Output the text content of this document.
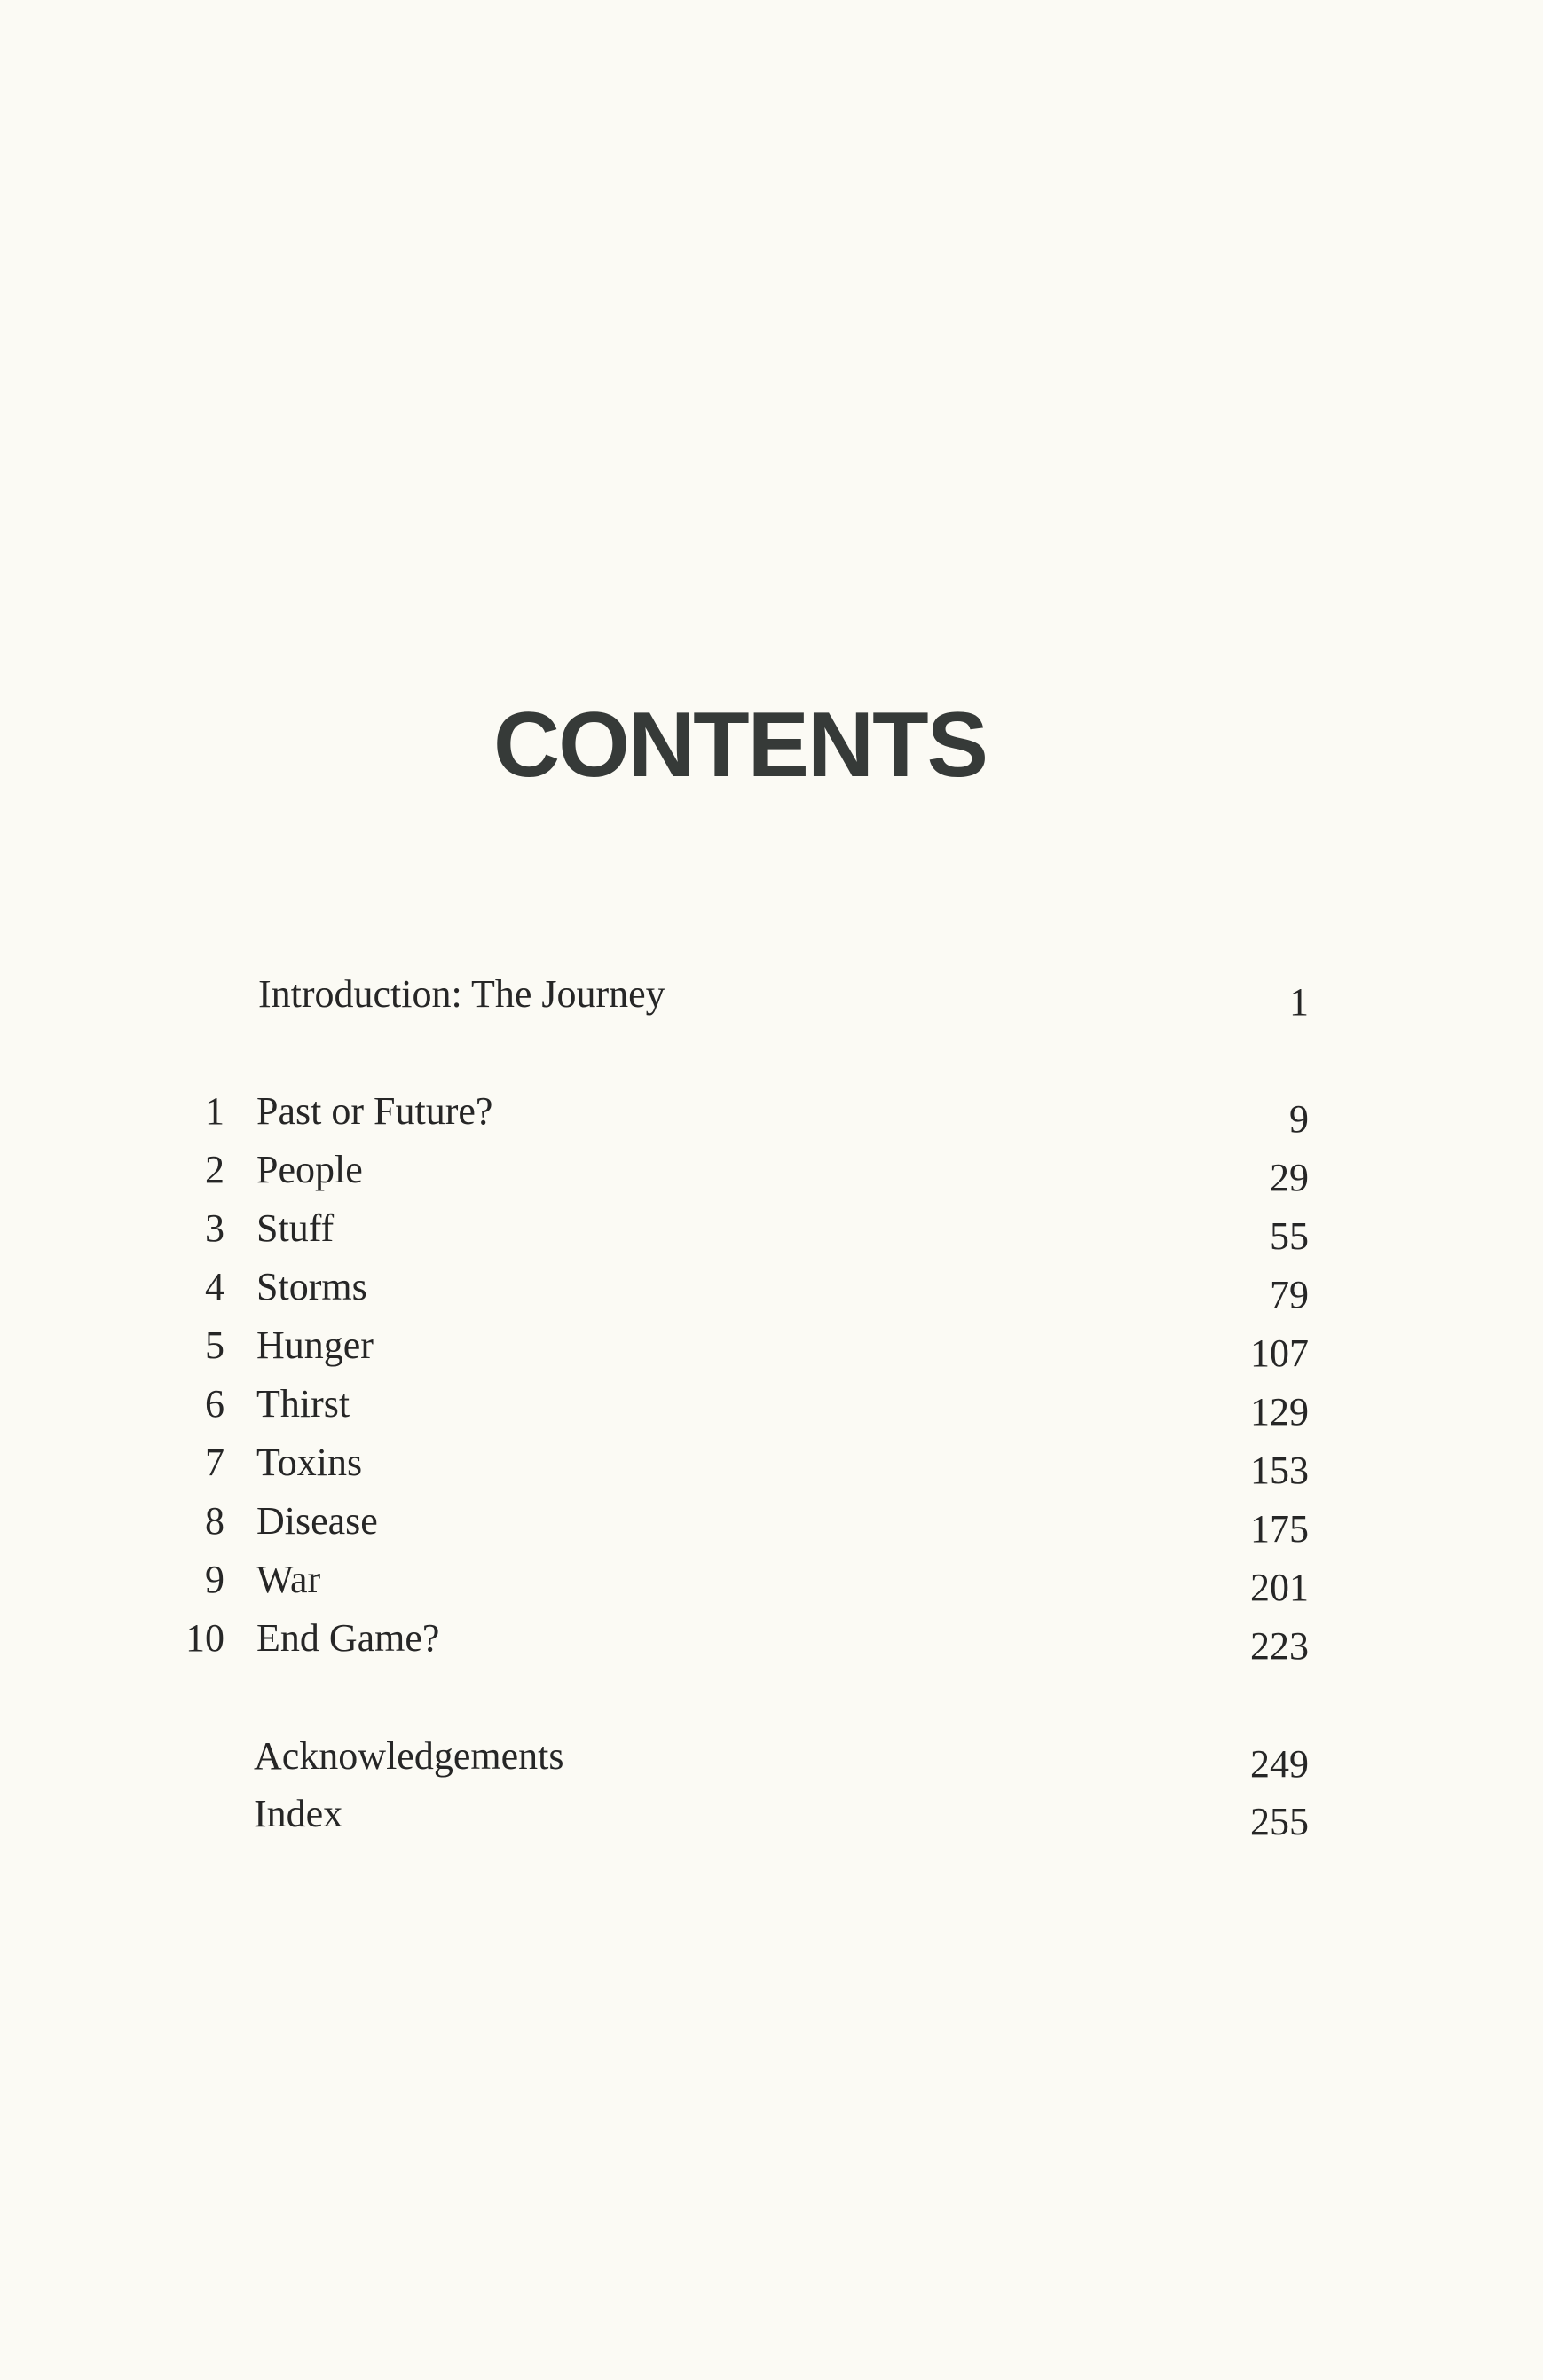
CONTENTS
Introduction: The Journey	1
1 Past or Future?	9
2 People	29
3 Stuff	55
4 Storms	79
5 Hunger	107
6 Thirst	129
7 Toxins	153
8 Disease	175
9 War	201
10 End Game?	223
Acknowledgements	249
Index	255
